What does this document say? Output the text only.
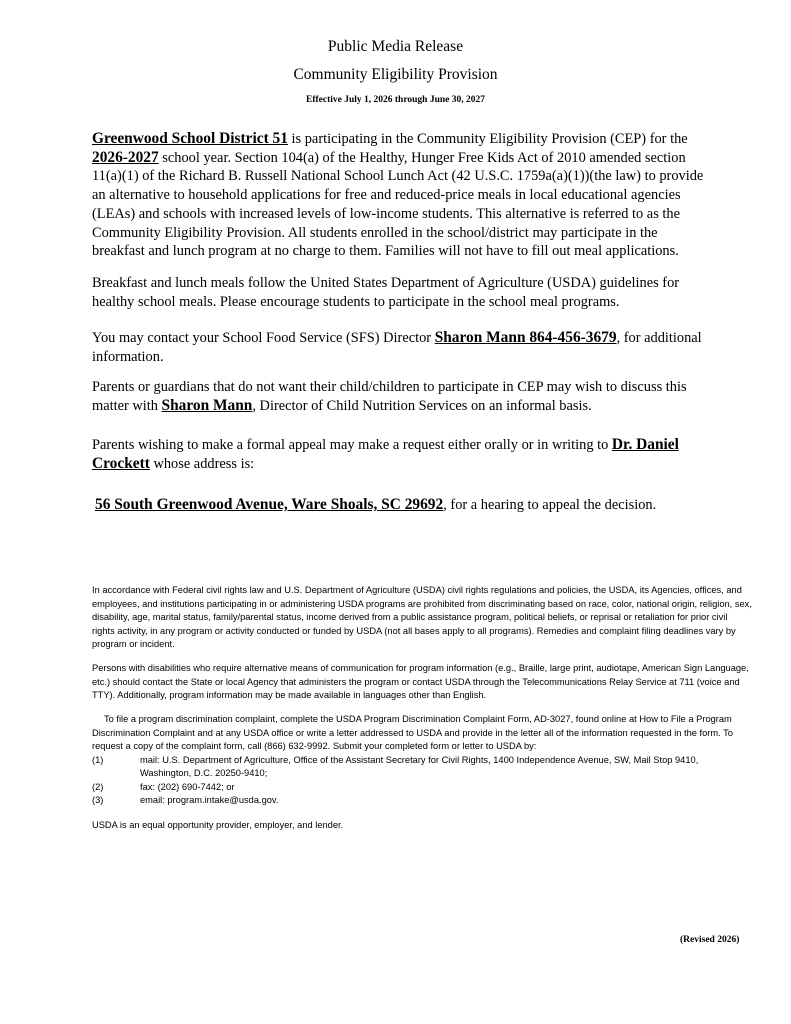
Public Media Release
Community Eligibility Provision
Effective July 1, 2026 through June 30, 2027
Greenwood School District 51 is participating in the Community Eligibility Provision (CEP) for the 2026-2027 school year. Section 104(a) of the Healthy, Hunger Free Kids Act of 2010 amended section 11(a)(1) of the Richard B. Russell National School Lunch Act (42 U.S.C. 1759a(a)(1))(the law) to provide an alternative to household applications for free and reduced-price meals in local educational agencies (LEAs) and schools with increased levels of low-income students. This alternative is referred to as the Community Eligibility Provision. All students enrolled in the school/district may participate in the breakfast and lunch program at no charge to them. Families will not have to fill out meal applications.
Breakfast and lunch meals follow the United States Department of Agriculture (USDA) guidelines for healthy school meals. Please encourage students to participate in the school meal programs.
You may contact your School Food Service (SFS) Director Sharon Mann 864-456-3679, for additional information.
Parents or guardians that do not want their child/children to participate in CEP may wish to discuss this matter with Sharon Mann, Director of Child Nutrition Services on an informal basis.
Parents wishing to make a formal appeal may make a request either orally or in writing to Dr. Daniel Crockett whose address is:
56 South Greenwood Avenue, Ware Shoals, SC 29692, for a hearing to appeal the decision.
In accordance with Federal civil rights law and U.S. Department of Agriculture (USDA) civil rights regulations and policies, the USDA, its Agencies, offices, and employees, and institutions participating in or administering USDA programs are prohibited from discriminating based on race, color, national origin, religion, sex, disability, age, marital status, family/parental status, income derived from a public assistance program, political beliefs, or reprisal or retaliation for prior civil rights activity, in any program or activity conducted or funded by USDA (not all bases apply to all programs). Remedies and complaint filing deadlines vary by program or incident.
Persons with disabilities who require alternative means of communication for program information (e.g., Braille, large print, audiotape, American Sign Language, etc.) should contact the State or local Agency that administers the program or contact USDA through the Telecommunications Relay Service at 711 (voice and TTY). Additionally, program information may be made available in languages other than English.
To file a program discrimination complaint, complete the USDA Program Discrimination Complaint Form, AD-3027, found online at How to File a Program Discrimination Complaint and at any USDA office or write a letter addressed to USDA and provide in the letter all of the information requested in the form. To request a copy of the complaint form, call (866) 632-9992. Submit your completed form or letter to USDA by:
(1)	mail: U.S. Department of Agriculture, Office of the Assistant Secretary for Civil Rights, 1400 Independence Avenue, SW, Mail Stop 9410, Washington, D.C. 20250-9410;
(2)	fax: (202) 690-7442; or
(3)	email: program.intake@usda.gov.
USDA is an equal opportunity provider, employer, and lender.
(Revised 2026)
